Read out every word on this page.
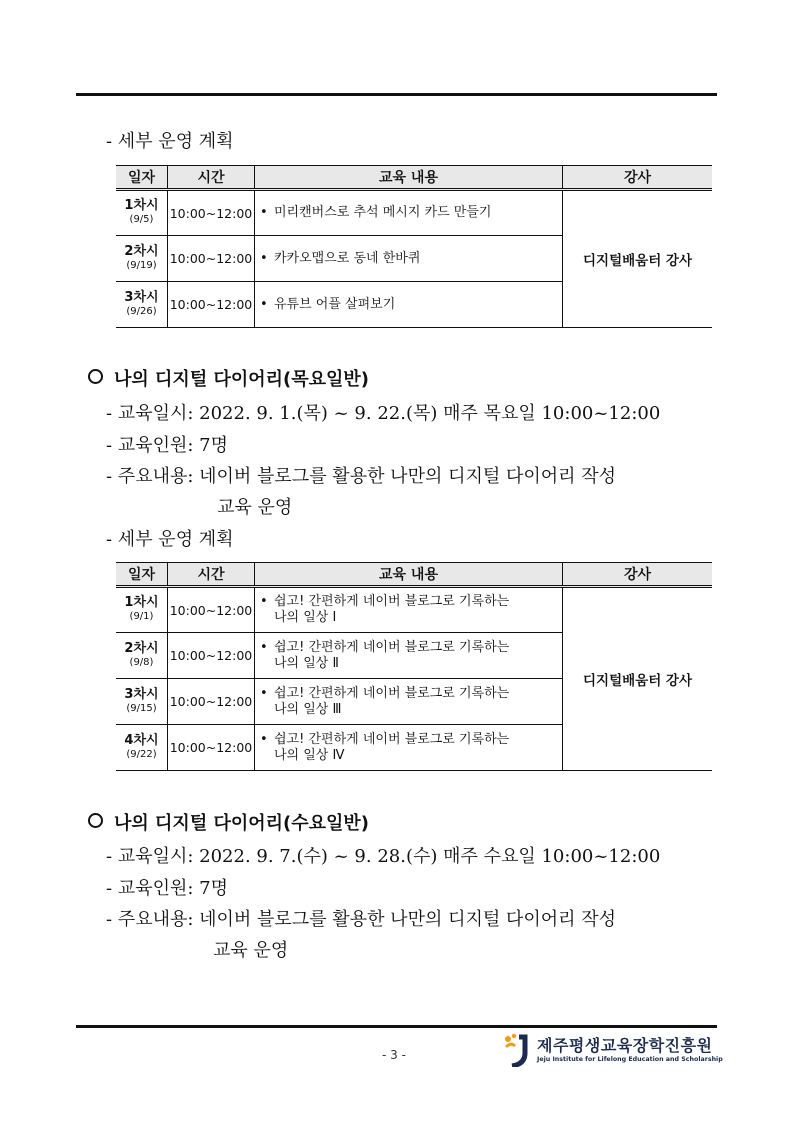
- 세부 운영 계획
일자	시간	교육 내용	강사

1차시
(9/5)	10:00~12:00	• 미리캔버스로 추석 메시지 카드 만들기	디지털배움터 강사

2차시
(9/19)	10:00~12:00	• 카카오맵으로 동네 한바퀴	

3차시
(9/26)	10:00~12:00	• 유튜브 어플 살펴보기	
나의 디지털 다이어리(목요일반)
- 교육일시: 2022. 9. 1.(목) ~ 9. 22.(목) 매주 목요일 10:00~12:00
- 교육인원: 7명
- 주요내용: 네이버 블로그를 활용한 나만의 디지털 다이어리 작성
교육 운영
- 세부 운영 계획
일자	시간	교육 내용	강사

1차시
(9/1)	10:00~12:00	• 쉽고! 간편하게 네이버 블로그로 기록하는
나의 일상 Ⅰ	디지털배움터 강사

2차시
(9/8)	10:00~12:00	• 쉽고! 간편하게 네이버 블로그로 기록하는
나의 일상 Ⅱ	

3차시
(9/15)	10:00~12:00	• 쉽고! 간편하게 네이버 블로그로 기록하는
나의 일상 Ⅲ	

4차시
(9/22)	10:00~12:00	• 쉽고! 간편하게 네이버 블로그로 기록하는
나의 일상 Ⅳ	
나의 디지털 다이어리(수요일반)
- 교육일시: 2022. 9. 7.(수) ~ 9. 28.(수) 매주 수요일 10:00~12:00
- 교육인원: 7명
- 주요내용: 네이버 블로그를 활용한 나만의 디지털 다이어리 작성
교육 운영
- 3 -	제주평생교육장학진흥원
Jeju Institute for Lifelong Education and Scholarship
